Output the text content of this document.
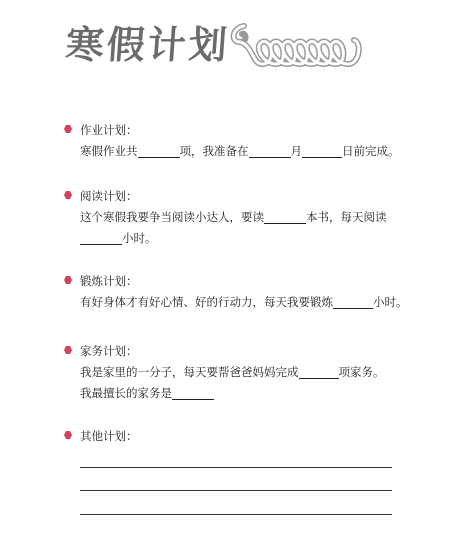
寒假计划
作业计划：
寒假作业共	项，我准备在	月	日前完成。
阅读计划：
这个寒假我要争当阅读小达人，要读	本书，每天阅读
小时。
锻炼计划：
有好身体才有好心情、好的行动力，每天我要锻炼	小时。
家务计划：
我是家里的一分子，每天要帮爸爸妈妈完成	项家务。
我最擅长的家务是
其他计划：
